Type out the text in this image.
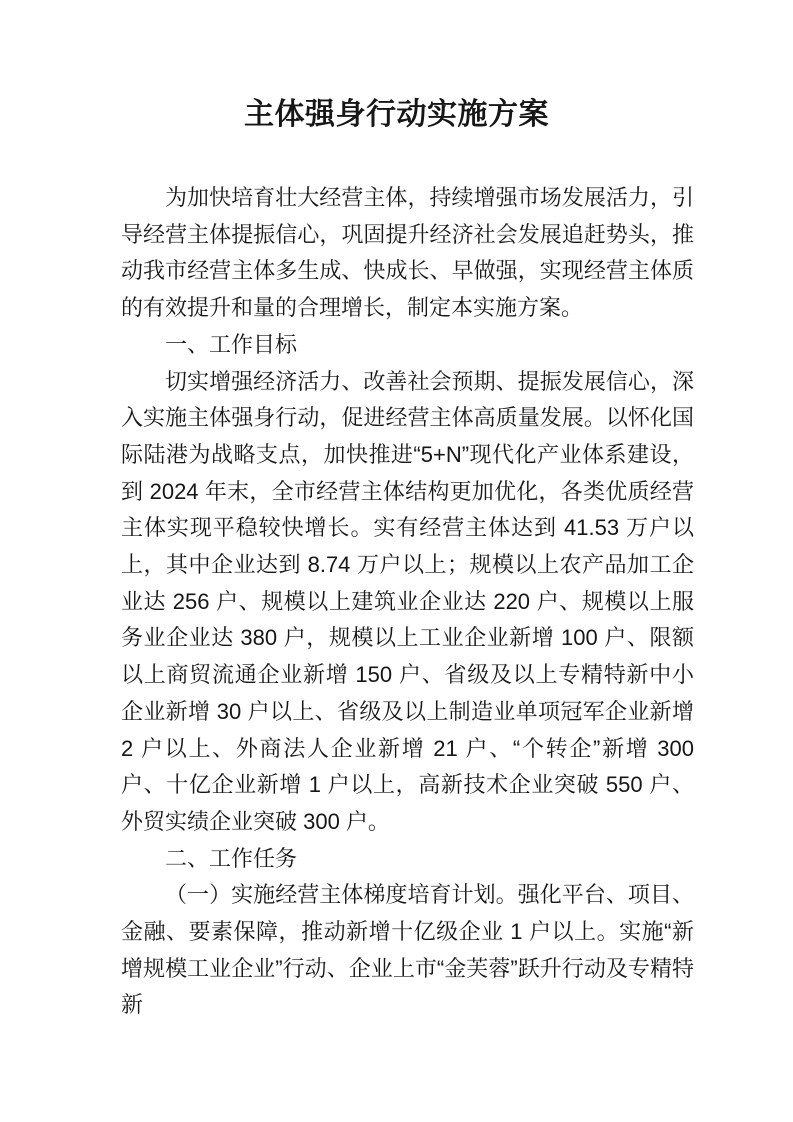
主体强身行动实施方案

为加快培育壮大经营主体，持续增强市场发展活力，引导经营主体提振信心，巩固提升经济社会发展追赶势头，推动我市经营主体多生成、快成长、早做强，实现经营主体质的有效提升和量的合理增长，制定本实施方案。

一、工作目标

切实增强经济活力、改善社会预期、提振发展信心，深入实施主体强身行动，促进经营主体高质量发展。以怀化国际陆港为战略支点，加快推进“5+N”现代化产业体系建设，到 2024 年末，全市经营主体结构更加优化，各类优质经营主体实现平稳较快增长。实有经营主体达到 41.53 万户以上，其中企业达到 8.74 万户以上；规模以上农产品加工企业达 256 户、规模以上建筑业企业达 220 户、规模以上服务业企业达 380 户，规模以上工业企业新增 100 户、限额以上商贸流通企业新增 150 户、省级及以上专精特新中小企业新增 30 户以上、省级及以上制造业单项冠军企业新增 2 户以上、外商法人企业新增 21 户、“个转企”新增 300 户、十亿企业新增 1 户以上，高新技术企业突破 550 户、外贸实绩企业突破 300 户。

二、工作任务

（一）实施经营主体梯度培育计划。强化平台、项目、金融、要素保障，推动新增十亿级企业 1 户以上。实施“新增规模工业企业”行动、企业上市“金芙蓉”跃升行动及专精特新
